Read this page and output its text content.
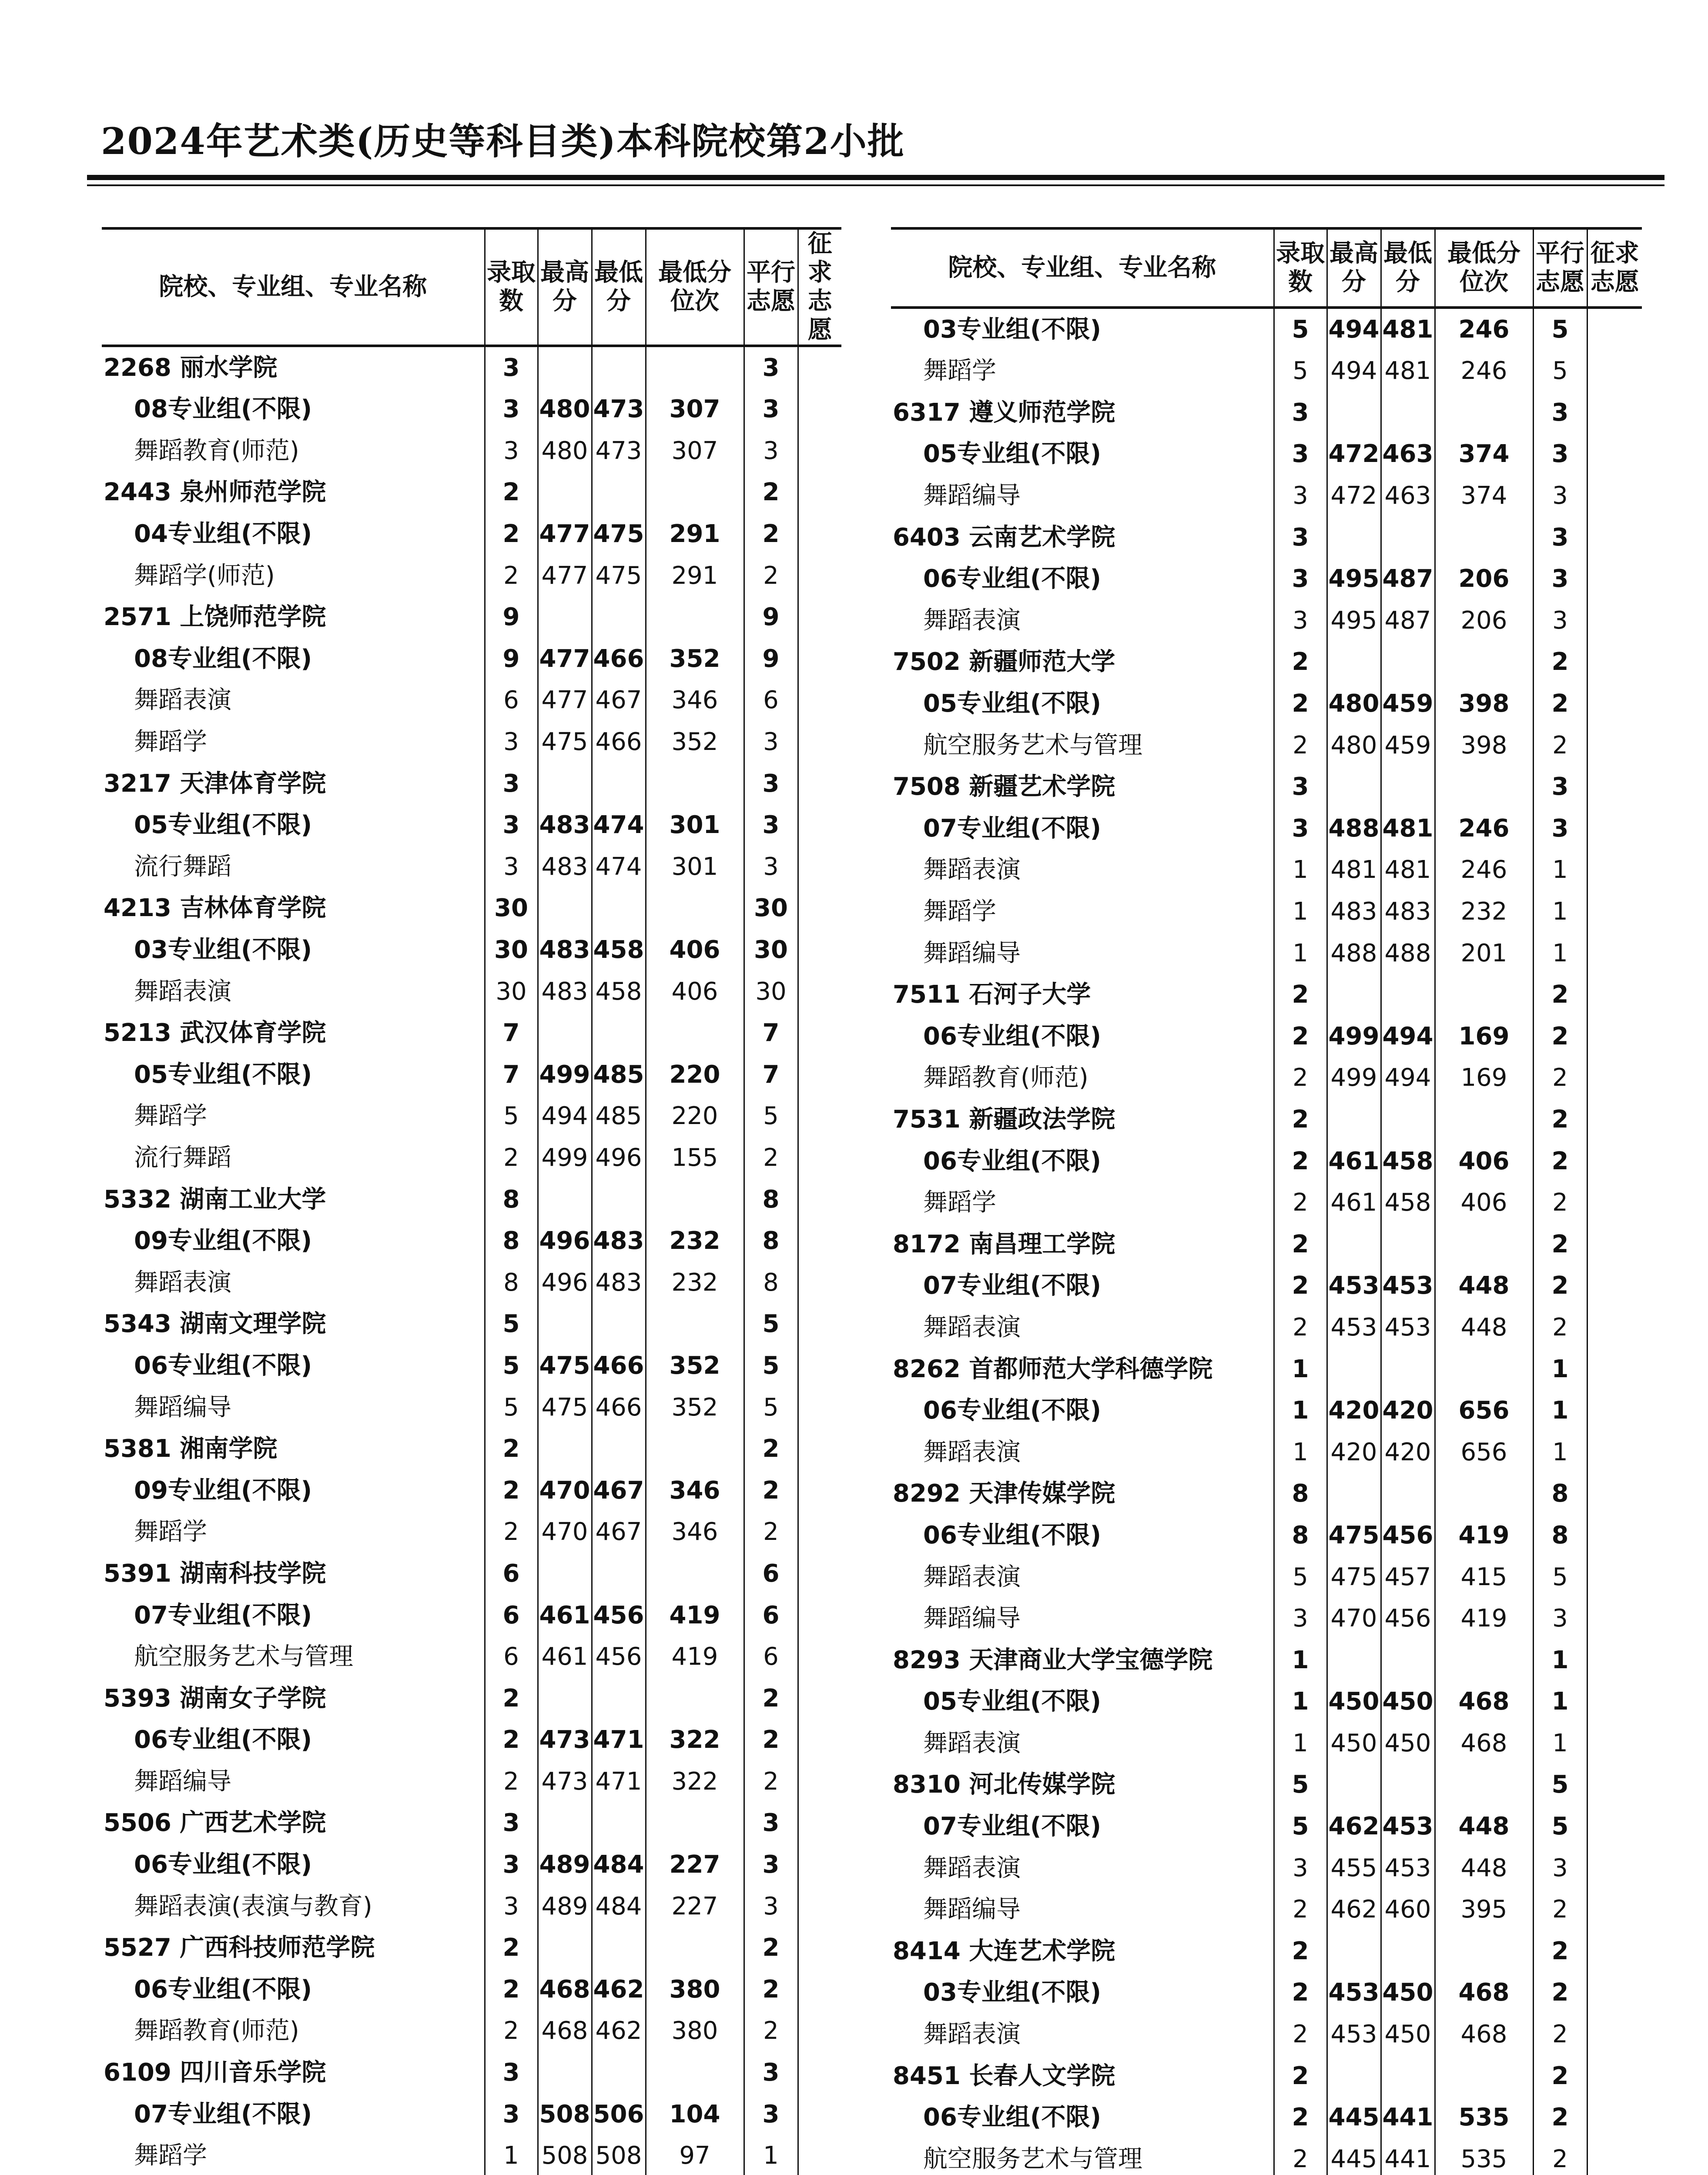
2024年艺术类(历史等科目类)本科院校第2小批
院校、专业组、专业名称	录取数	最高分	最低分	最低分位次	平行志愿	征求志愿
2268 丽水学院	3				3	
08专业组(不限)	3	480	473	307	3	
舞蹈教育(师范)	3	480	473	307	3	
2443 泉州师范学院	2				2	
04专业组(不限)	2	477	475	291	2	
舞蹈学(师范)	2	477	475	291	2	
2571 上饶师范学院	9				9	
08专业组(不限)	9	477	466	352	9	
舞蹈表演	6	477	467	346	6	
舞蹈学	3	475	466	352	3	
3217 天津体育学院	3				3	
05专业组(不限)	3	483	474	301	3	
流行舞蹈	3	483	474	301	3	
4213 吉林体育学院	30				30	
03专业组(不限)	30	483	458	406	30	
舞蹈表演	30	483	458	406	30	
5213 武汉体育学院	7				7	
05专业组(不限)	7	499	485	220	7	
舞蹈学	5	494	485	220	5	
流行舞蹈	2	499	496	155	2	
5332 湖南工业大学	8				8	
09专业组(不限)	8	496	483	232	8	
舞蹈表演	8	496	483	232	8	
5343 湖南文理学院	5				5	
06专业组(不限)	5	475	466	352	5	
舞蹈编导	5	475	466	352	5	
5381 湘南学院	2				2	
09专业组(不限)	2	470	467	346	2	
舞蹈学	2	470	467	346	2	
5391 湖南科技学院	6				6	
07专业组(不限)	6	461	456	419	6	
航空服务艺术与管理	6	461	456	419	6	
5393 湖南女子学院	2				2	
06专业组(不限)	2	473	471	322	2	
舞蹈编导	2	473	471	322	2	
5506 广西艺术学院	3				3	
06专业组(不限)	3	489	484	227	3	
舞蹈表演(表演与教育)	3	489	484	227	3	
5527 广西科技师范学院	2				2	
06专业组(不限)	2	468	462	380	2	
舞蹈教育(师范)	2	468	462	380	2	
6109 四川音乐学院	3				3	
07专业组(不限)	3	508	506	104	3	
舞蹈学	1	508	508	97	1	

院校、专业组、专业名称	录取数	最高分	最低分	最低分位次	平行志愿	征求志愿
03专业组(不限)	5	494	481	246	5	
舞蹈学	5	494	481	246	5	
6317 遵义师范学院	3				3	
05专业组(不限)	3	472	463	374	3	
舞蹈编导	3	472	463	374	3	
6403 云南艺术学院	3				3	
06专业组(不限)	3	495	487	206	3	
舞蹈表演	3	495	487	206	3	
7502 新疆师范大学	2				2	
05专业组(不限)	2	480	459	398	2	
航空服务艺术与管理	2	480	459	398	2	
7508 新疆艺术学院	3				3	
07专业组(不限)	3	488	481	246	3	
舞蹈表演	1	481	481	246	1	
舞蹈学	1	483	483	232	1	
舞蹈编导	1	488	488	201	1	
7511 石河子大学	2				2	
06专业组(不限)	2	499	494	169	2	
舞蹈教育(师范)	2	499	494	169	2	
7531 新疆政法学院	2				2	
06专业组(不限)	2	461	458	406	2	
舞蹈学	2	461	458	406	2	
8172 南昌理工学院	2				2	
07专业组(不限)	2	453	453	448	2	
舞蹈表演	2	453	453	448	2	
8262 首都师范大学科德学院	1				1	
06专业组(不限)	1	420	420	656	1	
舞蹈表演	1	420	420	656	1	
8292 天津传媒学院	8				8	
06专业组(不限)	8	475	456	419	8	
舞蹈表演	5	475	457	415	5	
舞蹈编导	3	470	456	419	3	
8293 天津商业大学宝德学院	1				1	
05专业组(不限)	1	450	450	468	1	
舞蹈表演	1	450	450	468	1	
8310 河北传媒学院	5				5	
07专业组(不限)	5	462	453	448	5	
舞蹈表演	3	455	453	448	3	
舞蹈编导	2	462	460	395	2	
8414 大连艺术学院	2				2	
03专业组(不限)	2	453	450	468	2	
舞蹈表演	2	453	450	468	2	
8451 长春人文学院	2				2	
06专业组(不限)	2	445	441	535	2	
航空服务艺术与管理	2	445	441	535	2	
